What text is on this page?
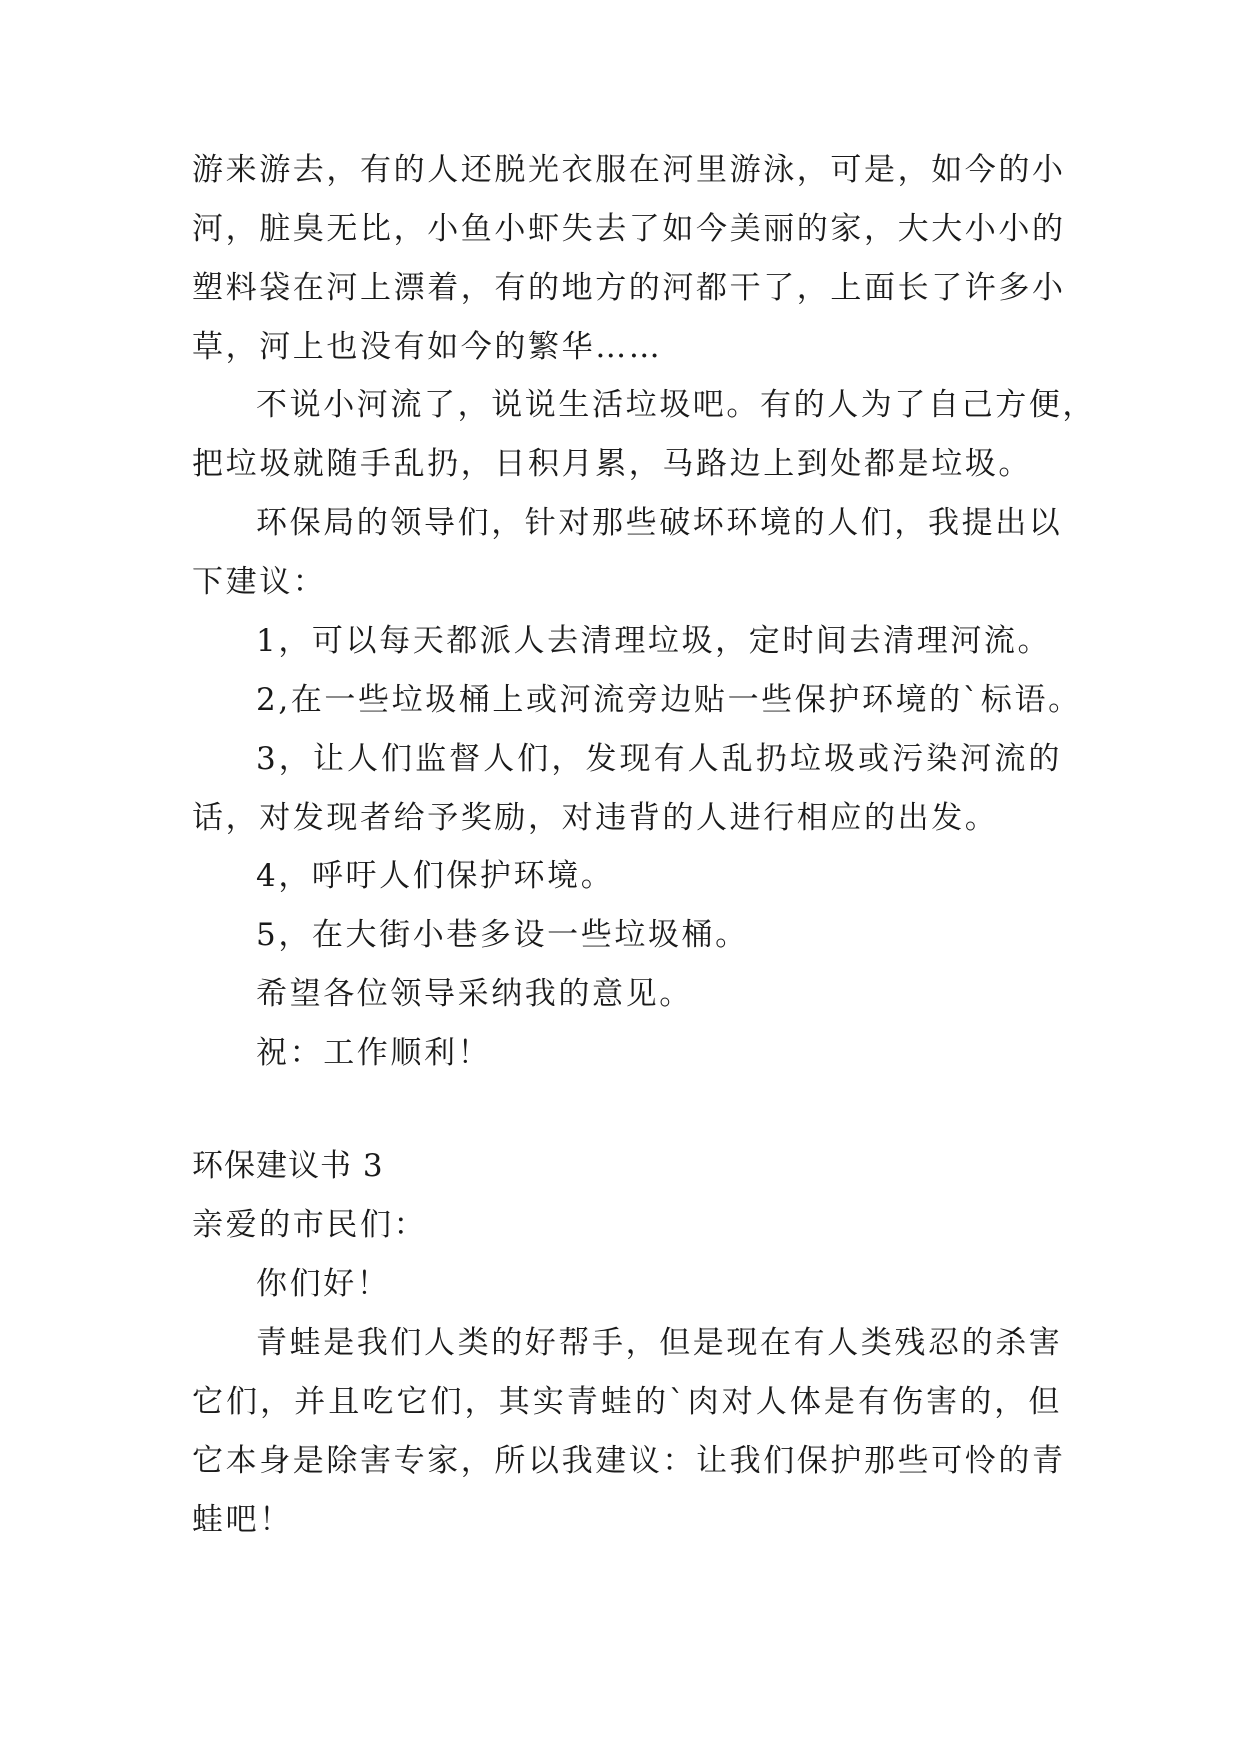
游来游去，有的人还脱光衣服在河里游泳，可是，如今的小
河，脏臭无比，小鱼小虾失去了如今美丽的家，大大小小的
塑料袋在河上漂着，有的地方的河都干了，上面长了许多小
草，河上也没有如今的繁华……
不说小河流了，说说生活垃圾吧。有的人为了自己方便，
把垃圾就随手乱扔，日积月累，马路边上到处都是垃圾。
环保局的领导们，针对那些破坏环境的人们，我提出以
下建议：
1，可以每天都派人去清理垃圾，定时间去清理河流。
2,在一些垃圾桶上或河流旁边贴一些保护环境的`标语。
3，让人们监督人们，发现有人乱扔垃圾或污染河流的
话，对发现者给予奖励，对违背的人进行相应的出发。
4，呼吁人们保护环境。
5，在大街小巷多设一些垃圾桶。
希望各位领导采纳我的意见。
祝：工作顺利！
环保建议书 3
亲爱的市民们：
你们好！
青蛙是我们人类的好帮手，但是现在有人类残忍的杀害
它们，并且吃它们，其实青蛙的`肉对人体是有伤害的，但
它本身是除害专家，所以我建议：让我们保护那些可怜的青
蛙吧！
